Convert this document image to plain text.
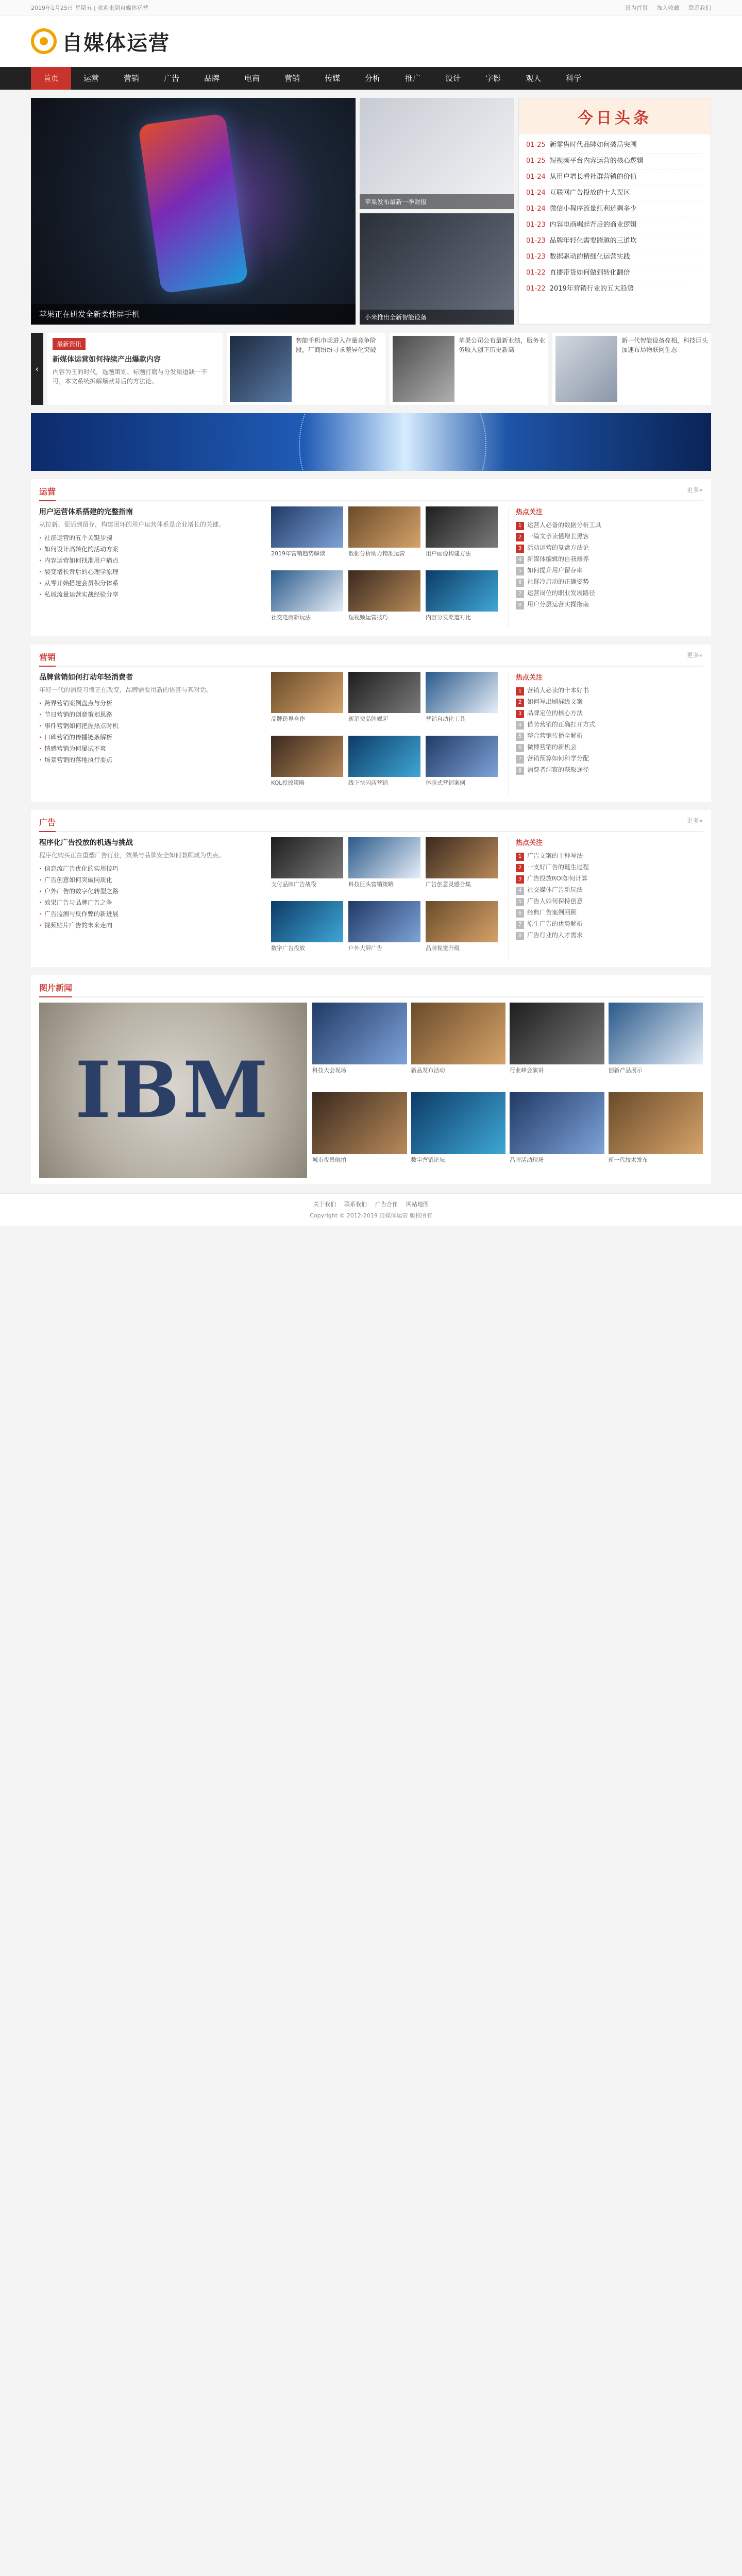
2019年1月25日 星期五 | 欢迎来到自媒体运营	设为首页 加入收藏 联系我们
自媒体运营
首页	运营	营销	广告	品牌	电商	营销	传媒	分析	推广	设计	字影	观人	科学
苹果正在研发全新柔性屏手机
苹果发布最新一季财报
小米推出全新智能设备
今日头条
01-25 新零售时代品牌如何破局突围
01-25 短视频平台内容运营的核心逻辑
01-24 从用户增长看社群营销的价值
01-24 互联网广告投放的十大误区
01-24 微信小程序流量红利还剩多少
01-23 内容电商崛起背后的商业逻辑
01-23 品牌年轻化需要跨越的三道坎
01-23 数据驱动的精细化运营实践
01-22 直播带货如何做到转化翻倍
01-22 2019年营销行业的五大趋势
‹
最新资讯
新媒体运营如何持续产出爆款内容
内容为王的时代，选题策划、标题打磨与分发渠道缺一不可，本文系统拆解爆款背后的方法论。
智能手机市场进入存量竞争阶段，厂商纷纷寻求差异化突破
苹果公司公布最新业绩，服务业务收入创下历史新高
新一代智能设备亮相，科技巨头加速布局物联网生态
运营	更多»
用户运营体系搭建的完整指南
从拉新、促活到留存，构建闭环的用户运营体系是企业增长的关键。
· 社群运营的五个关键步骤
· 如何设计高转化的活动方案
· 内容运营如何找准用户痛点
· 裂变增长背后的心理学原理
· 从零开始搭建会员积分体系
· 私域流量运营实战经验分享
2019年营销趋势解读	数据分析助力精准运营	用户画像构建方法
社交电商新玩法	短视频运营技巧	内容分发渠道对比
热点关注
1 运营人必备的数据分析工具
2 一篇文章读懂增长黑客
3 活动运营的复盘方法论
4 新媒体编辑的自我修养
5 如何提升用户留存率
6 社群冷启动的正确姿势
7 运营岗位的职业发展路径
8 用户分层运营实操指南
营销	更多»
品牌营销如何打动年轻消费者
年轻一代的消费习惯正在改变，品牌需要用新的语言与其对话。
· 跨界营销案例盘点与分析
· 节日营销的创意策划思路
· 事件营销如何把握热点时机
· 口碑营销的传播链条解析
· 情感营销为何屡试不爽
· 场景营销的落地执行要点
品牌跨界合作	新消费品牌崛起	营销自动化工具
KOL投放策略	线下快闪店营销	体验式营销案例
热点关注
1 营销人必读的十本好书
2 如何写出刷屏级文案
3 品牌定位的核心方法
4 借势营销的正确打开方式
5 整合营销传播全解析
6 微博营销的新机会
7 营销预算如何科学分配
8 消费者洞察的获取途径
广告	更多»
程序化广告投放的机遇与挑战
程序化购买正在重塑广告行业，效果与品牌安全如何兼顾成为焦点。
· 信息流广告优化的实用技巧
· 广告创意如何突破同质化
· 户外广告的数字化转型之路
· 效果广告与品牌广告之争
· 广告监测与反作弊的新进展
· 视频贴片广告的未来走向
支付品牌广告战役	科技巨头营销策略	广告创意灵感合集
数字广告投放	户外大屏广告	品牌视觉升级
热点关注
1 广告文案的十种写法
2 一支好广告的诞生过程
3 广告投放ROI如何计算
4 社交媒体广告新玩法
5 广告人如何保持创意
6 经典广告案例回顾
7 原生广告的优势解析
8 广告行业的人才需求
图片新闻
IBM	科技大会现场	新品发布活动	行业峰会演讲	创新产品展示
城市夜景航拍	数字营销论坛	品牌活动现场	新一代技术发布
关于我们 联系我们 广告合作 网站地图
Copyright © 2012-2019 自媒体运营 版权所有
